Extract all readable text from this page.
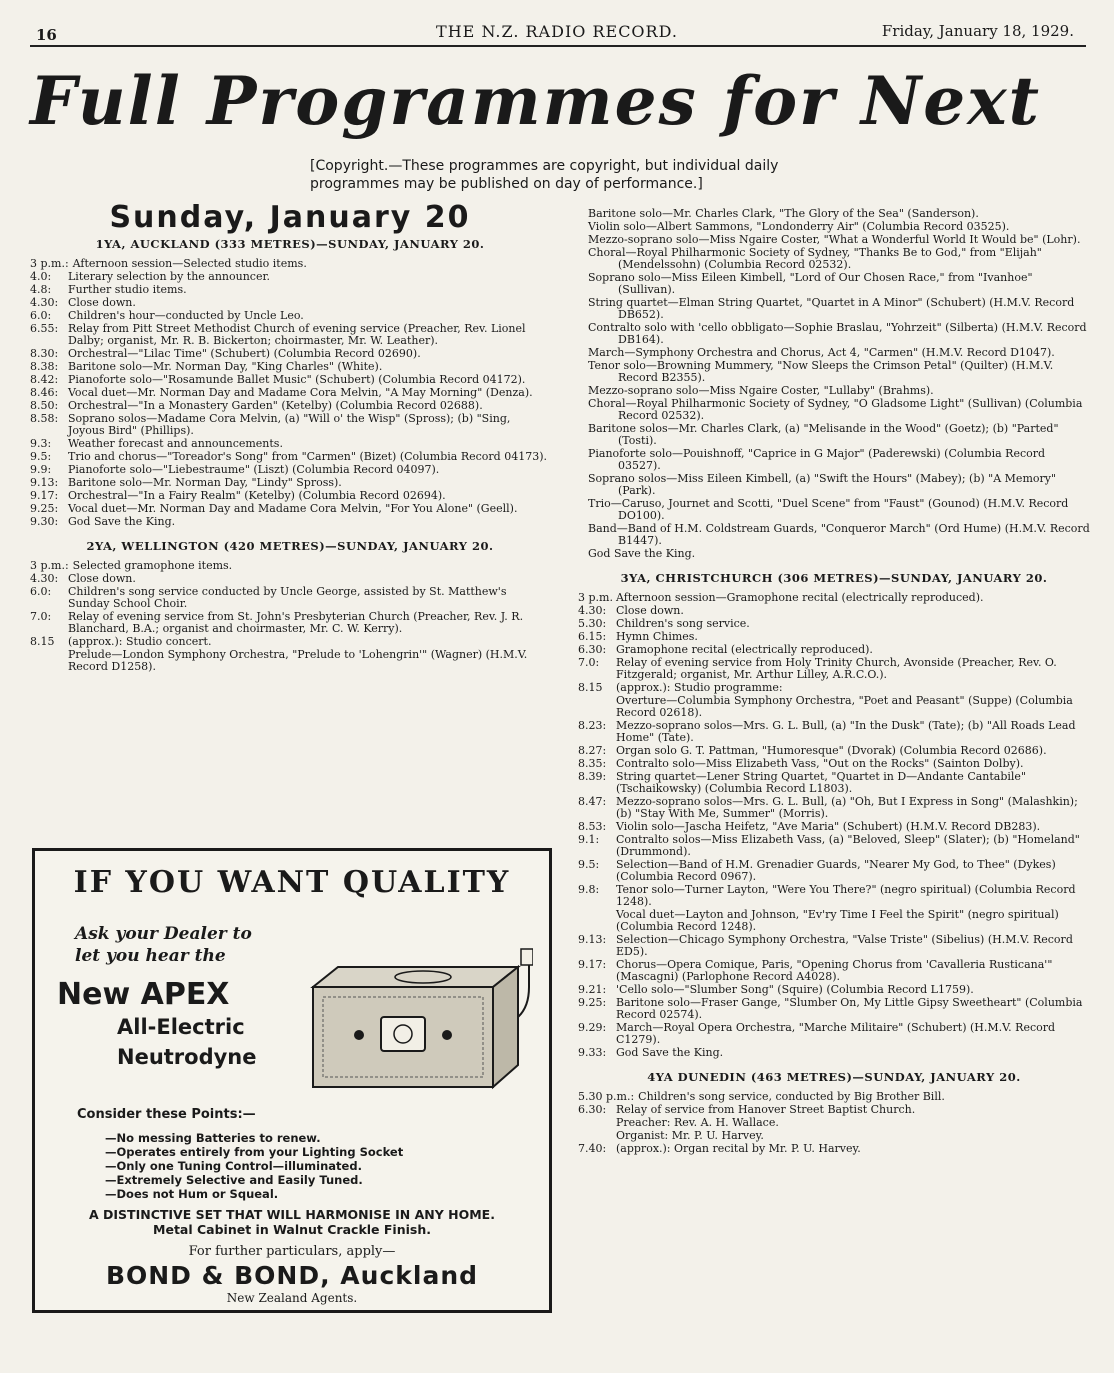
16	THE N.Z. RADIO RECORD.	Friday, January 18, 1929.
Full Programmes for Next
[Copyright.—These programmes are copyright, but individual daily programmes may be published on day of performance.]
Sunday, January 20
1YA, AUCKLAND (333 METRES)—SUNDAY, JANUARY 20.
3 p.m.: Afternoon session—Selected studio items.
4.0:	Literary selection by the announcer.
4.8:	Further studio items.
4.30: Close down.
6.0:	Children's hour—conducted by Uncle Leo.
6.55: Relay from Pitt Street Methodist Church of evening service (Preacher, Rev. Lionel Dalby; organist, Mr. R. B. Bickerton; choirmaster, Mr. W. Leather).
8.30: Orchestral—"Lilac Time" (Schubert) (Columbia Record 02690).
8.38: Baritone solo—Mr. Norman Day, "King Charles" (White).
8.42: Pianoforte solo—"Rosamunde Ballet Music" (Schubert) (Columbia Record 04172).
8.46: Vocal duet—Mr. Norman Day and Madame Cora Melvin, "A May Morning" (Denza).
8.50: Orchestral—"In a Monastery Garden" (Ketelby) (Columbia Record 02688).
8.58: Soprano solos—Madame Cora Melvin, (a) "Will o' the Wisp" (Spross); (b) "Sing, Joyous Bird" (Phillips).
9.3:	Weather forecast and announcements.
9.5:	Trio and chorus—"Toreador's Song" from "Carmen" (Bizet) (Columbia Record 04173).
9.9:	Pianoforte solo—"Liebestraume" (Liszt) (Columbia Record 04097).
9.13: Baritone solo—Mr. Norman Day, "Lindy" Spross).
9.17: Orchestral—"In a Fairy Realm" (Ketelby) (Columbia Record 02694).
9.25: Vocal duet—Mr. Norman Day and Madame Cora Melvin, "For You Alone" (Geell).
9.30: God Save the King.
2YA, WELLINGTON (420 METRES)—SUNDAY, JANUARY 20.
3 p.m.: Selected gramophone items.
4.30: Close down.
6.0:	Children's song service conducted by Uncle George, assisted by St. Matthew's Sunday School Choir.
7.0:	Relay of evening service from St. John's Presbyterian Church (Preacher, Rev. J. R. Blanchard, B.A.; organist and choirmaster, Mr. C. W. Kerry).
8.15	(approx.): Studio concert.
Prelude—London Symphony Orchestra, "Prelude to 'Lohengrin'" (Wagner) (H.M.V. Record D1258).
Baritone solo—Mr. Charles Clark, "The Glory of the Sea" (Sanderson).
Violin solo—Albert Sammons, "Londonderry Air" (Columbia Record 03525).
Mezzo-soprano solo—Miss Ngaire Coster, "What a Wonderful World It Would be" (Lohr).
Choral—Royal Philharmonic Society of Sydney, "Thanks Be to God," from "Elijah" (Mendelssohn) (Columbia Record 02532).
Soprano solo—Miss Eileen Kimbell, "Lord of Our Chosen Race," from "Ivanhoe" (Sullivan).
String quartet—Elman String Quartet, "Quartet in A Minor" (Schubert) (H.M.V. Record DB652).
Contralto solo with 'cello obbligato—Sophie Braslau, "Yohrzeit" (Silberta) (H.M.V. Record DB164).
March—Symphony Orchestra and Chorus, Act 4, "Carmen" (H.M.V. Record D1047).
Tenor solo—Browning Mummery, "Now Sleeps the Crimson Petal" (Quilter) (H.M.V. Record B2355).
Mezzo-soprano solo—Miss Ngaire Coster, "Lullaby" (Brahms).
Choral—Royal Philharmonic Society of Sydney, "O Gladsome Light" (Sullivan) (Columbia Record 02532).
Baritone solos—Mr. Charles Clark, (a) "Melisande in the Wood" (Goetz); (b) "Parted" (Tosti).
Pianoforte solo—Pouishnoff, "Caprice in G Major" (Paderewski) (Columbia Record 03527).
Soprano solos—Miss Eileen Kimbell, (a) "Swift the Hours" (Mabey); (b) "A Memory" (Park).
Trio—Caruso, Journet and Scotti, "Duel Scene" from "Faust" (Gounod) (H.M.V. Record DO100).
Band—Band of H.M. Coldstream Guards, "Conqueror March" (Ord Hume) (H.M.V. Record B1447).
God Save the King.
3YA, CHRISTCHURCH (306 METRES)—SUNDAY, JANUARY 20.
3 p.m. Afternoon session—Gramophone recital (electrically reproduced).
4.30: Close down.
5.30: Children's song service.
6.15: Hymn Chimes.
6.30: Gramophone recital (electrically reproduced).
7.0:	Relay of evening service from Holy Trinity Church, Avonside (Preacher, Rev. O. Fitzgerald; organist, Mr. Arthur Lilley, A.R.C.O.).
8.15	(approx.): Studio programme:
Overture—Columbia Symphony Orchestra, "Poet and Peasant" (Suppe) (Columbia Record 02618).
8.23: Mezzo-soprano solos—Mrs. G. L. Bull, (a) "In the Dusk" (Tate); (b) "All Roads Lead Home" (Tate).
8.27: Organ solo G. T. Pattman, "Humoresque" (Dvorak) (Columbia Record 02686).
8.35: Contralto solo—Miss Elizabeth Vass, "Out on the Rocks" (Sainton Dolby).
8.39: String quartet—Lener String Quartet, "Quartet in D—Andante Cantabile" (Tschaikowsky) (Columbia Record L1803).
8.47: Mezzo-soprano solos—Mrs. G. L. Bull, (a) "Oh, But I Express in Song" (Malashkin); (b) "Stay With Me, Summer" (Morris).
8.53: Violin solo—Jascha Heifetz, "Ave Maria" (Schubert) (H.M.V. Record DB283).
9.1:	Contralto solos—Miss Elizabeth Vass, (a) "Beloved, Sleep" (Slater); (b) "Homeland" (Drummond).
9.5:	Selection—Band of H.M. Grenadier Guards, "Nearer My God, to Thee" (Dykes) (Columbia Record 0967).
9.8:	Tenor solo—Turner Layton, "Were You There?" (negro spiritual) (Columbia Record 1248).
Vocal duet—Layton and Johnson, "Ev'ry Time I Feel the Spirit" (negro spiritual) (Columbia Record 1248).
9.13: Selection—Chicago Symphony Orchestra, "Valse Triste" (Sibelius) (H.M.V. Record ED5).
9.17: Chorus—Opera Comique, Paris, "Opening Chorus from 'Cavalleria Rusticana'" (Mascagni) (Parlophone Record A4028).
9.21: 'Cello solo—"Slumber Song" (Squire) (Columbia Record L1759).
9.25: Baritone solo—Fraser Gange, "Slumber On, My Little Gipsy Sweetheart" (Columbia Record 02574).
9.29: March—Royal Opera Orchestra, "Marche Militaire" (Schubert) (H.M.V. Record C1279).
9.33: God Save the King.
4YA DUNEDIN (463 METRES)—SUNDAY, JANUARY 20.
5.30 p.m.: Children's song service, conducted by Big Brother Bill.
6.30: Relay of service from Hanover Street Baptist Church.
Preacher: Rev. A. H. Wallace.
Organist: Mr. P. U. Harvey.
7.40: (approx.): Organ recital by Mr. P. U. Harvey.
IF YOU WANT QUALITY
Ask your Dealer to
let you hear the
New APEX
All-Electric
Neutrodyne
Consider these Points:—
—No messing Batteries to renew.
—Operates entirely from your Lighting Socket
—Only one Tuning Control—illuminated.
—Extremely Selective and Easily Tuned.
—Does not Hum or Squeal.
A DISTINCTIVE SET THAT WILL HARMONISE IN ANY HOME.
Metal Cabinet in Walnut Crackle Finish.
For further particulars, apply—
BOND & BOND, Auckland
New Zealand Agents.
